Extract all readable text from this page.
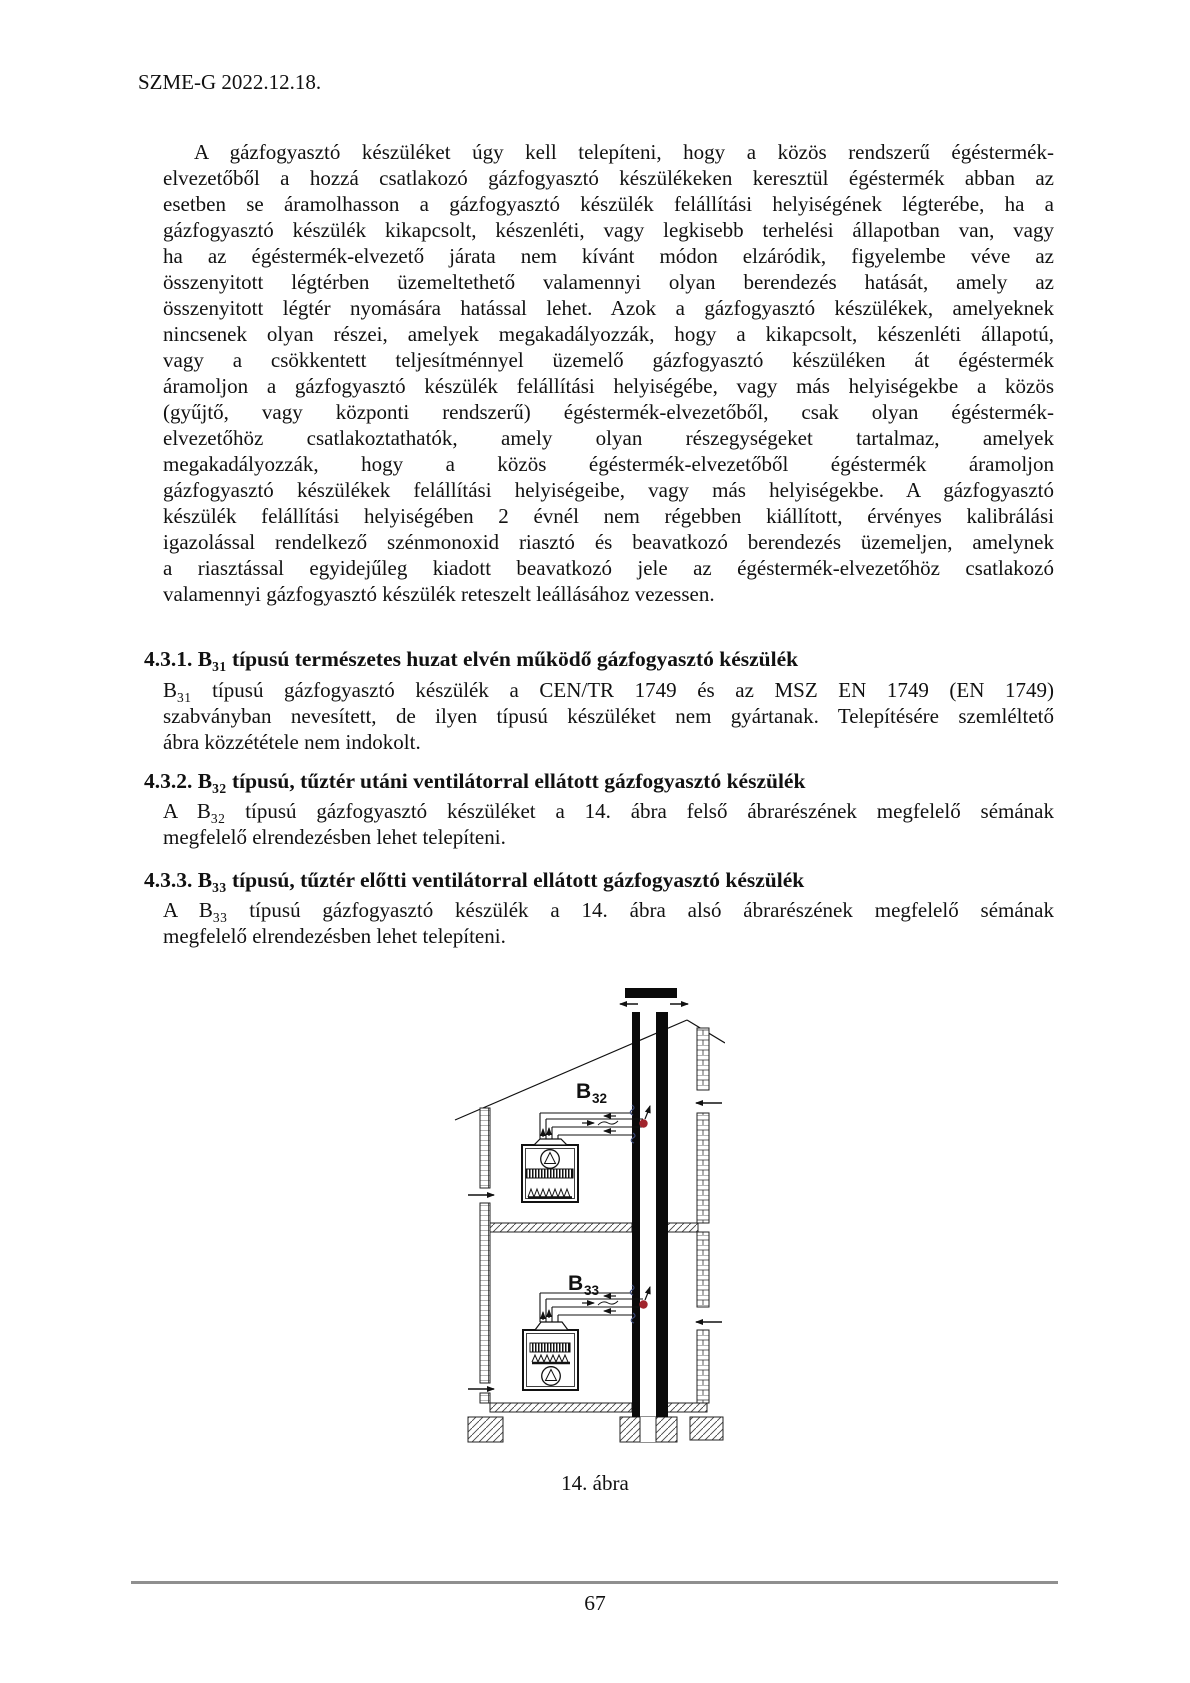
SZME-G 2022.12.18.
A gázfogyasztó készüléket úgy kell telepíteni, hogy a közös rendszerű égéstermék-
elvezetőből a hozzá csatlakozó gázfogyasztó készülékeken keresztül égéstermék abban az
esetben se áramolhasson a gázfogyasztó készülék felállítási helyiségének légterébe, ha a
gázfogyasztó készülék kikapcsolt, készenléti, vagy legkisebb terhelési állapotban van, vagy
ha az égéstermék-elvezető járata nem kívánt módon elzáródik, figyelembe véve az
összenyitott légtérben üzemeltethető valamennyi olyan berendezés hatását, amely az
összenyitott légtér nyomására hatással lehet. Azok a gázfogyasztó készülékek, amelyeknek
nincsenek olyan részei, amelyek megakadályozzák, hogy a kikapcsolt, készenléti állapotú,
vagy a csökkentett teljesítménnyel üzemelő gázfogyasztó készüléken át égéstermék
áramoljon a gázfogyasztó készülék felállítási helyiségébe, vagy más helyiségekbe a közös
(gyűjtő, vagy központi rendszerű) égéstermék-elvezetőből, csak olyan égéstermék-
elvezetőhöz csatlakoztathatók, amely olyan részegységeket tartalmaz, amelyek
megakadályozzák, hogy a közös égéstermék-elvezetőből égéstermék áramoljon
gázfogyasztó készülékek felállítási helyiségeibe, vagy más helyiségekbe. A gázfogyasztó
készülék felállítási helyiségében 2 évnél nem régebben kiállított, érvényes kalibrálási
igazolással rendelkező szénmonoxid riasztó és beavatkozó berendezés üzemeljen, amelynek
a riasztással egyidejűleg kiadott beavatkozó jele az égéstermék-elvezetőhöz csatlakozó
valamennyi gázfogyasztó készülék reteszelt leállásához vezessen.
4.3.1. $B_{31}$ típusú természetes huzat elvén működő gázfogyasztó készülék
$B_{31}$ típusú gázfogyasztó készülék a CEN/TR 1749 és az MSZ EN 1749 (EN 1749)
szabványban nevesített, de ilyen típusú készüléket nem gyártanak. Telepítésére szemléltető
ábra közzététele nem indokolt.
4.3.2. $B_{32}$ típusú, tűztér utáni ventilátorral ellátott gázfogyasztó készülék
A $B_{32}$ típusú gázfogyasztó készüléket a 14. ábra felső ábrarészének megfelelő sémának
megfelelő elrendezésben lehet telepíteni.
4.3.3. $B_{33}$ típusú, tűztér előtti ventilátorral ellátott gázfogyasztó készülék
A $B_{33}$ típusú gázfogyasztó készülék a 14. ábra alsó ábrarészének megfelelő sémának
megfelelő elrendezésben lehet telepíteni.
B 32
B 33
14. ábra
67
